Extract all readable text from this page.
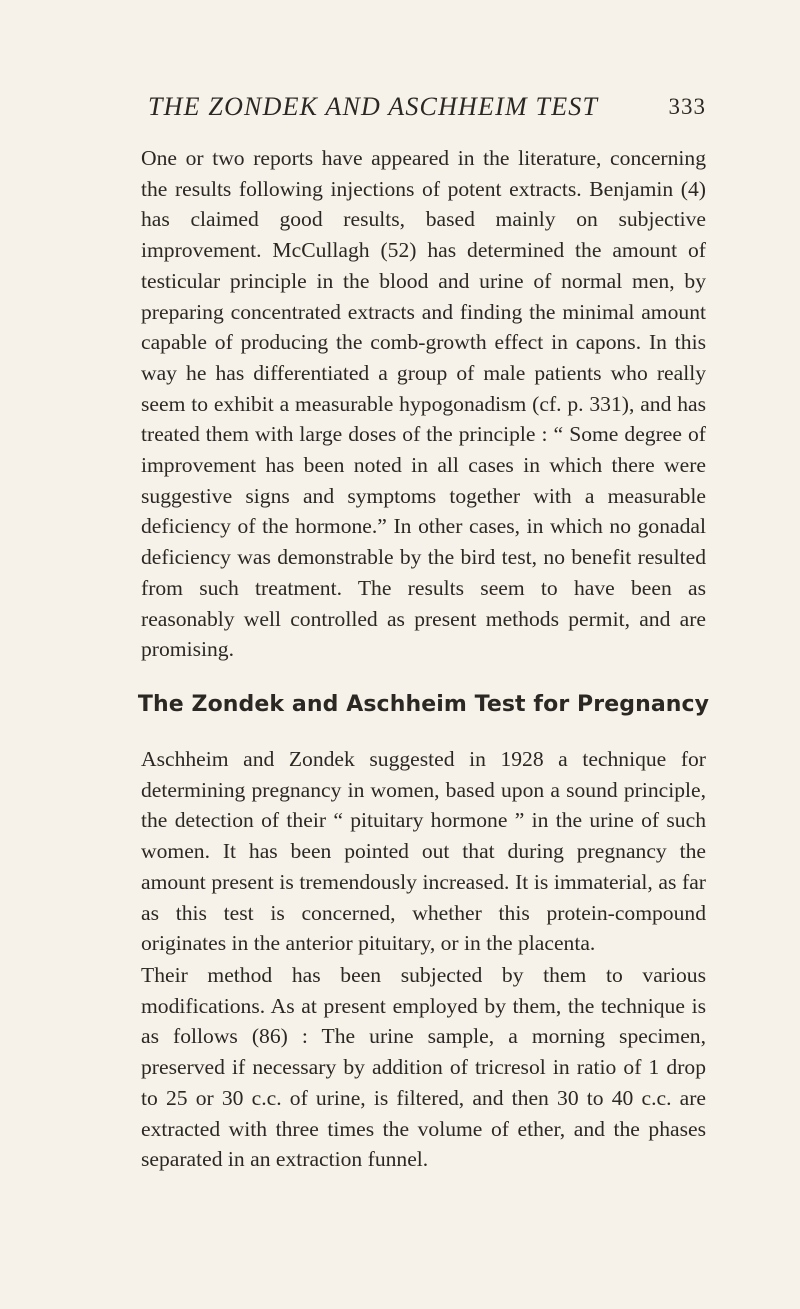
THE ZONDEK AND ASCHHEIM TEST	333

One or two reports have appeared in the literature, concerning the results following injections of potent extracts. Benjamin (4) has claimed good results, based mainly on subjective improvement. McCullagh (52) has determined the amount of testicular principle in the blood and urine of normal men, by preparing concentrated extracts and finding the minimal amount capable of producing the comb-growth effect in capons. In this way he has differentiated a group of male patients who really seem to exhibit a measurable hypogonadism (cf. p. 331), and has treated them with large doses of the principle : “ Some degree of improvement has been noted in all cases in which there were suggestive signs and symptoms together with a measurable deficiency of the hormone.” In other cases, in which no gonadal deficiency was demonstrable by the bird test, no benefit resulted from such treatment. The results seem to have been as reasonably well controlled as present methods permit, and are promising.

The Zondek and Aschheim Test for Pregnancy

Aschheim and Zondek suggested in 1928 a technique for determining pregnancy in women, based upon a sound principle, the detection of their “ pituitary hormone ” in the urine of such women. It has been pointed out that during pregnancy the amount present is tremendously increased. It is immaterial, as far as this test is concerned, whether this protein-compound originates in the anterior pituitary, or in the placenta.

Their method has been subjected by them to various modifications. As at present employed by them, the technique is as follows (86) : The urine sample, a morning specimen, preserved if necessary by addition of tricresol in ratio of 1 drop to 25 or 30 c.c. of urine, is filtered, and then 30 to 40 c.c. are extracted with three times the volume of ether, and the phases separated in an extraction funnel.
